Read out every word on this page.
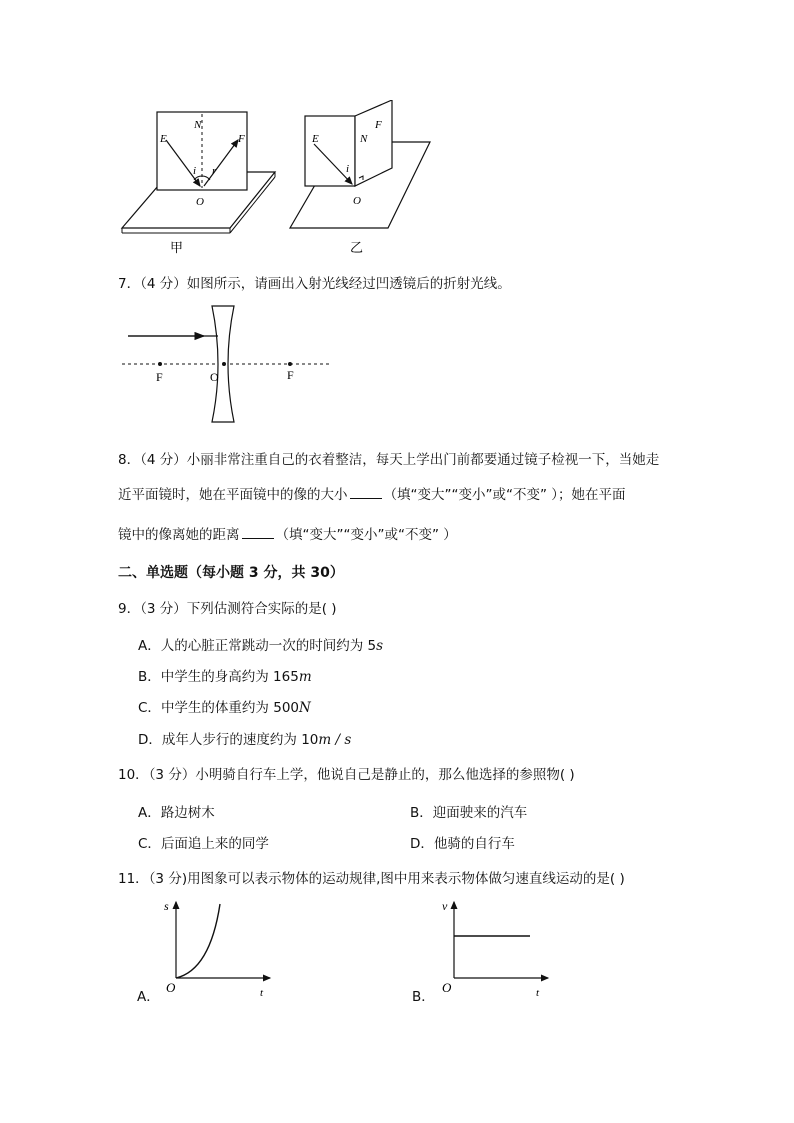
E
N
i r
F
O
甲
E	N
F
i
O
乙
7．（4 分）如图所示，请画出入射光线经过凹透镜后的折射光线。
F	O	F
8．（4 分）小丽非常注重自己的衣着整洁，每天上学出门前都要通过镜子检视一下，当她走
近平面镜时，她在平面镜中的像的大小	（填“变大”“变小”或“不变” ）；她在平面
镜中的像离她的距离	（填“变大”“变小”或“不变” ）
二、单选题（每小题 3 分，共 30）
9．（3 分）下列估测符合实际的是( )
A．人的心脏正常跳动一次的时间约为 5s
B．中学生的身高约为 165m
C．中学生的体重约为 500N
D．成年人步行的速度约为 10m / s
10．（3 分）小明骑自行车上学，他说自己是静止的，那么他选择的参照物( )
A．路边树木	B．迎面驶来的汽车
C．后面追上来的同学	D．他骑的自行车
11．（3 分)用图象可以表示物体的运动规律,图中用来表示物体做匀速直线运动的是( )
A．
s
t
O
B．
v
t
O
